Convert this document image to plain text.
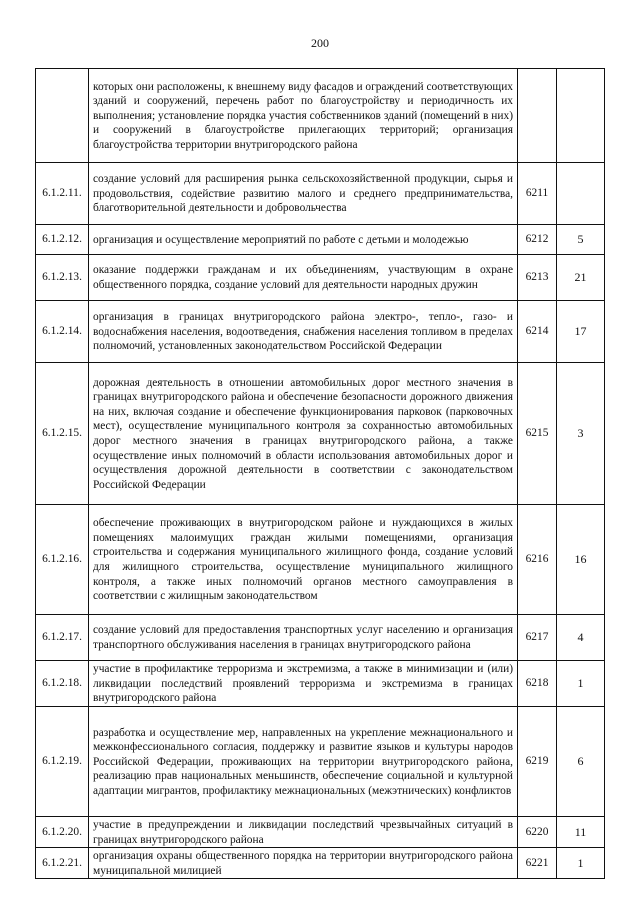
200
	которых они расположены, к внешнему виду фасадов и ограждений соответствующих зданий и сооружений, перечень работ по благоустройству и периодичность их выполнения; установление порядка участия собственников зданий (помещений в них) и сооружений в благоустройстве прилегающих территорий; организация благоустройства территории внутригородского района		
6.1.2.11.	создание условий для расширения рынка сельскохозяйственной продукции, сырья и продовольствия, содействие развитию малого и среднего предпринимательства, благотворительной деятельности и добровольчества	6211	
6.1.2.12.	организация и осуществление мероприятий по работе с детьми и молодежью	6212	5
6.1.2.13.	оказание поддержки гражданам и их объединениям, участвующим в охране общественного порядка, создание условий для деятельности народных дружин	6213	21
6.1.2.14.	организация в границах внутригородского района электро-, тепло-, газо- и водоснабжения населения, водоотведения, снабжения населения топливом в пределах полномочий, установленных законодательством Российской Федерации	6214	17
6.1.2.15.	дорожная деятельность в отношении автомобильных дорог местного значения в границах внутригородского района и обеспечение безопасности дорожного движения на них, включая создание и обеспечение функционирования парковок (парковочных мест), осуществление муниципального контроля за сохранностью автомобильных дорог местного значения в границах внутригородского района, а также осуществление иных полномочий в области использования автомобильных дорог и осуществления дорожной деятельности в соответствии с законодательством Российской Федерации	6215	3
6.1.2.16.	обеспечение проживающих в внутригородском районе и нуждающихся в жилых помещениях малоимущих граждан жилыми помещениями, организация строительства и содержания муниципального жилищного фонда, создание условий для жилищного строительства, осуществление муниципального жилищного контроля, а также иных полномочий органов местного самоуправления в соответствии с жилищным законодательством	6216	16
6.1.2.17.	создание условий для предоставления транспортных услуг населению и организация транспортного обслуживания населения в границах внутригородского района	6217	4
6.1.2.18.	участие в профилактике терроризма и экстремизма, а также в минимизации и (или) ликвидации последствий проявлений терроризма и экстремизма в границах внутригородского района	6218	1
6.1.2.19.	разработка и осуществление мер, направленных на укрепление межнационального и межконфессионального согласия, поддержку и развитие языков и культуры народов Российской Федерации, проживающих на территории внутригородского района, реализацию прав национальных меньшинств, обеспечение социальной и культурной адаптации мигрантов, профилактику межнациональных (межэтнических) конфликтов	6219	6
6.1.2.20.	участие в предупреждении и ликвидации последствий чрезвычайных ситуаций в границах внутригородского района	6220	11
6.1.2.21.	организация охраны общественного порядка на территории внутригородского района муниципальной милицией	6221	1
